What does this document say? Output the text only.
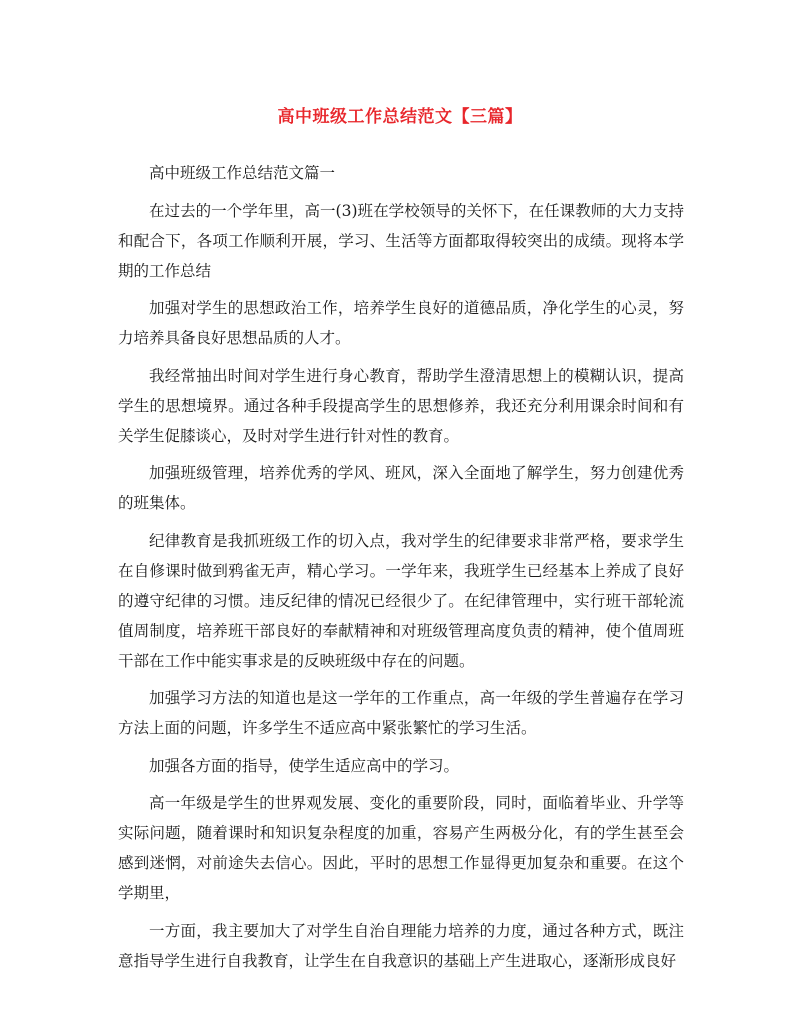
高中班级工作总结范文【三篇】

高中班级工作总结范文篇一

在过去的一个学年里，高一(3)班在学校领导的关怀下，在任课教师的大力支持和配合下，各项工作顺利开展，学习、生活等方面都取得较突出的成绩。现将本学期的工作总结

加强对学生的思想政治工作，培养学生良好的道德品质，净化学生的心灵，努力培养具备良好思想品质的人才。

我经常抽出时间对学生进行身心教育，帮助学生澄清思想上的模糊认识，提高学生的思想境界。通过各种手段提高学生的思想修养，我还充分利用课余时间和有关学生促膝谈心，及时对学生进行针对性的教育。

加强班级管理，培养优秀的学风、班风，深入全面地了解学生，努力创建优秀的班集体。

纪律教育是我抓班级工作的切入点，我对学生的纪律要求非常严格，要求学生在自修课时做到鸦雀无声，精心学习。一学年来，我班学生已经基本上养成了良好的遵守纪律的习惯。违反纪律的情况已经很少了。在纪律管理中，实行班干部轮流值周制度，培养班干部良好的奉献精神和对班级管理高度负责的精神，使个值周班干部在工作中能实事求是的反映班级中存在的问题。

加强学习方法的知道也是这一学年的工作重点，高一年级的学生普遍存在学习方法上面的问题，许多学生不适应高中紧张繁忙的学习生活。

加强各方面的指导，使学生适应高中的学习。

高一年级是学生的世界观发展、变化的重要阶段，同时，面临着毕业、升学等实际问题，随着课时和知识复杂程度的加重，容易产生两极分化，有的学生甚至会感到迷惘，对前途失去信心。因此，平时的思想工作显得更加复杂和重要。在这个学期里，

一方面，我主要加大了对学生自治自理能力培养的力度，通过各种方式，既注意指导学生进行自我教育，让学生在自我意识的基础上产生进取心，逐渐形成良好
